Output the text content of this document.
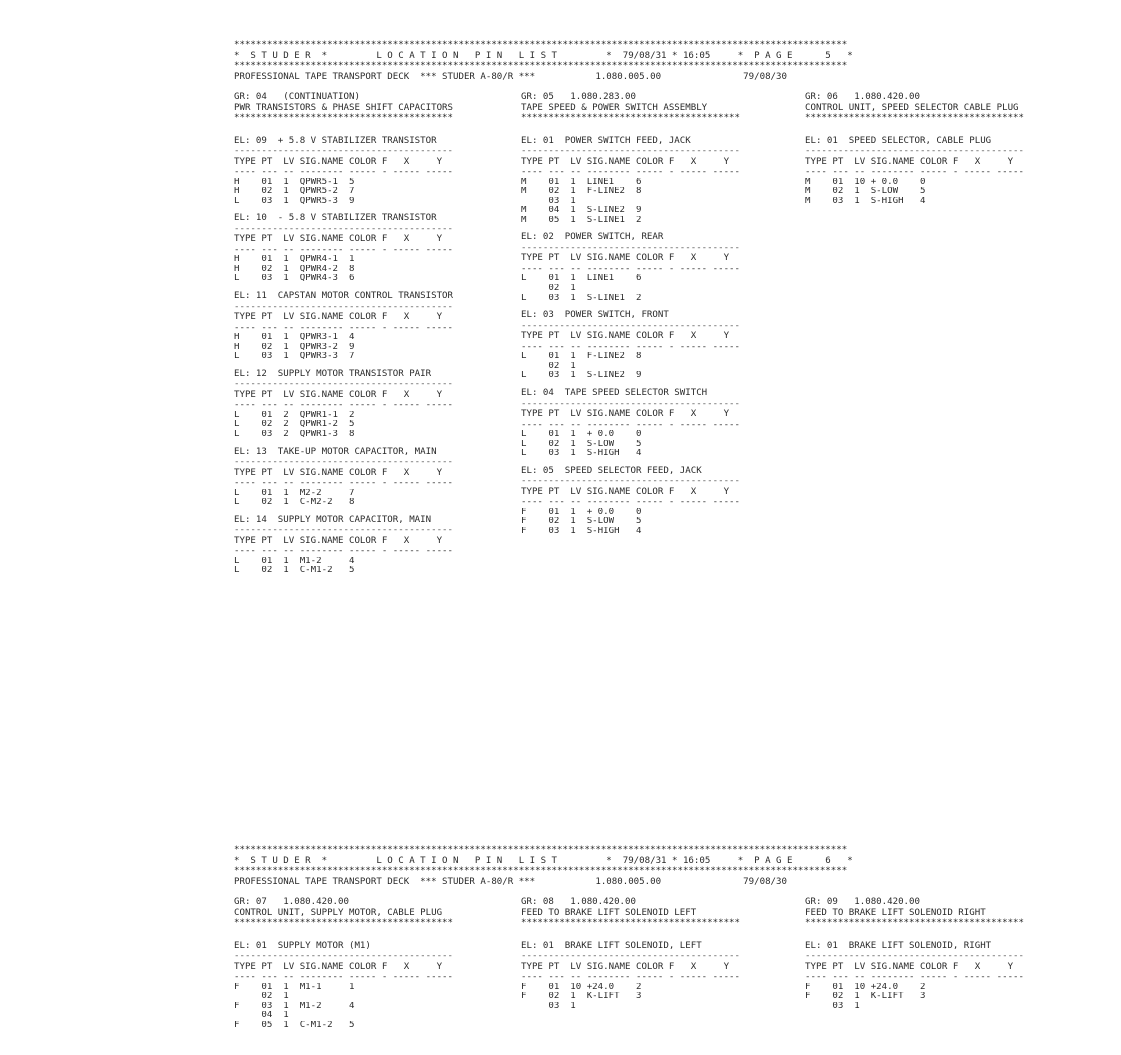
****************************************************************************************************************
*  S T U D E R  *         L O C A T I O N   P I N   L I S T         *  79/08/31 * 16:05     *  P A G E      5   *
****************************************************************************************************************
PROFESSIONAL TAPE TRANSPORT DECK  *** STUDER A-80/R ***           1.080.005.00               79/08/30
GR: 04   (CONTINUATION)
PWR TRANSISTORS & PHASE SHIFT CAPACITORS
****************************************
EL: 09  + 5.8 V STABILIZER TRANSISTOR
----------------------------------------
TYPE PT  LV SIG.NAME COLOR F   X     Y
---- --- -- -------- ----- - ----- -----
H    01  1  QPWR5-1  5
H    02  1  QPWR5-2  7
L    03  1  QPWR5-3  9
EL: 10  - 5.8 V STABILIZER TRANSISTOR
----------------------------------------
TYPE PT  LV SIG.NAME COLOR F   X     Y
---- --- -- -------- ----- - ----- -----
H    01  1  QPWR4-1  1
H    02  1  QPWR4-2  8
L    03  1  QPWR4-3  6
EL: 11  CAPSTAN MOTOR CONTROL TRANSISTOR
----------------------------------------
TYPE PT  LV SIG.NAME COLOR F   X     Y
---- --- -- -------- ----- - ----- -----
H    01  1  QPWR3-1  4
H    02  1  QPWR3-2  9
L    03  1  QPWR3-3  7
EL: 12  SUPPLY MOTOR TRANSISTOR PAIR
----------------------------------------
TYPE PT  LV SIG.NAME COLOR F   X     Y
---- --- -- -------- ----- - ----- -----
L    01  2  QPWR1-1  2
L    02  2  QPWR1-2  5
L    03  2  QPWR1-3  8
EL: 13  TAKE-UP MOTOR CAPACITOR, MAIN
----------------------------------------
TYPE PT  LV SIG.NAME COLOR F   X     Y
---- --- -- -------- ----- - ----- -----
L    01  1  M2-2     7
L    02  1  C-M2-2   8
EL: 14  SUPPLY MOTOR CAPACITOR, MAIN
----------------------------------------
TYPE PT  LV SIG.NAME COLOR F   X     Y
---- --- -- -------- ----- - ----- -----
L    01  1  M1-2     4
L    02  1  C-M1-2   5
GR: 05   1.080.283.00
TAPE SPEED & POWER SWITCH ASSEMBLY
****************************************
EL: 01  POWER SWITCH FEED, JACK
----------------------------------------
TYPE PT  LV SIG.NAME COLOR F   X     Y
---- --- -- -------- ----- - ----- -----
M    01  1  LINE1    6
M    02  1  F-LINE2  8
03  1
M    04  1  S-LINE2  9
M    05  1  S-LINE1  2
EL: 02  POWER SWITCH, REAR
----------------------------------------
TYPE PT  LV SIG.NAME COLOR F   X     Y
---- --- -- -------- ----- - ----- -----
L    01  1  LINE1    6
02  1
L    03  1  S-LINE1  2
EL: 03  POWER SWITCH, FRONT
----------------------------------------
TYPE PT  LV SIG.NAME COLOR F   X     Y
---- --- -- -------- ----- - ----- -----
L    01  1  F-LINE2  8
02  1
L    03  1  S-LINE2  9
EL: 04  TAPE SPEED SELECTOR SWITCH
----------------------------------------
TYPE PT  LV SIG.NAME COLOR F   X     Y
---- --- -- -------- ----- - ----- -----
L    01  1  + 0.0    0
L    02  1  S-LOW    5
L    03  1  S-HIGH   4
EL: 05  SPEED SELECTOR FEED, JACK
----------------------------------------
TYPE PT  LV SIG.NAME COLOR F   X     Y
---- --- -- -------- ----- - ----- -----
F    01  1  + 0.0    0
F    02  1  S-LOW    5
F    03  1  S-HIGH   4
GR: 06   1.080.420.00
CONTROL UNIT, SPEED SELECTOR CABLE PLUG
****************************************
EL: 01  SPEED SELECTOR, CABLE PLUG
----------------------------------------
TYPE PT  LV SIG.NAME COLOR F   X     Y
---- --- -- -------- ----- - ----- -----
M    01  10 + 0.0    0
M    02  1  S-LOW    5
M    03  1  S-HIGH   4
****************************************************************************************************************
*  S T U D E R  *         L O C A T I O N   P I N   L I S T         *  79/08/31 * 16:05     *  P A G E      6   *
****************************************************************************************************************
PROFESSIONAL TAPE TRANSPORT DECK  *** STUDER A-80/R ***           1.080.005.00               79/08/30
GR: 07   1.080.420.00
CONTROL UNIT, SUPPLY MOTOR, CABLE PLUG
****************************************
EL: 01  SUPPLY MOTOR (M1)
----------------------------------------
TYPE PT  LV SIG.NAME COLOR F   X     Y
---- --- -- -------- ----- - ----- -----
F    01  1  M1-1     1
02  1
F    03  1  M1-2     4
04  1
F    05  1  C-M1-2   5
GR: 08   1.080.420.00
FEED TO BRAKE LIFT SOLENOID LEFT
****************************************
EL: 01  BRAKE LIFT SOLENOID, LEFT
----------------------------------------
TYPE PT  LV SIG.NAME COLOR F   X     Y
---- --- -- -------- ----- - ----- -----
F    01  10 +24.0    2
F    02  1  K-LIFT   3
03  1
GR: 09   1.080.420.00
FEED TO BRAKE LIFT SOLENOID RIGHT
****************************************
EL: 01  BRAKE LIFT SOLENOID, RIGHT
----------------------------------------
TYPE PT  LV SIG.NAME COLOR F   X     Y
---- --- -- -------- ----- - ----- -----
F    01  10 +24.0    2
F    02  1  K-LIFT   3
03  1
